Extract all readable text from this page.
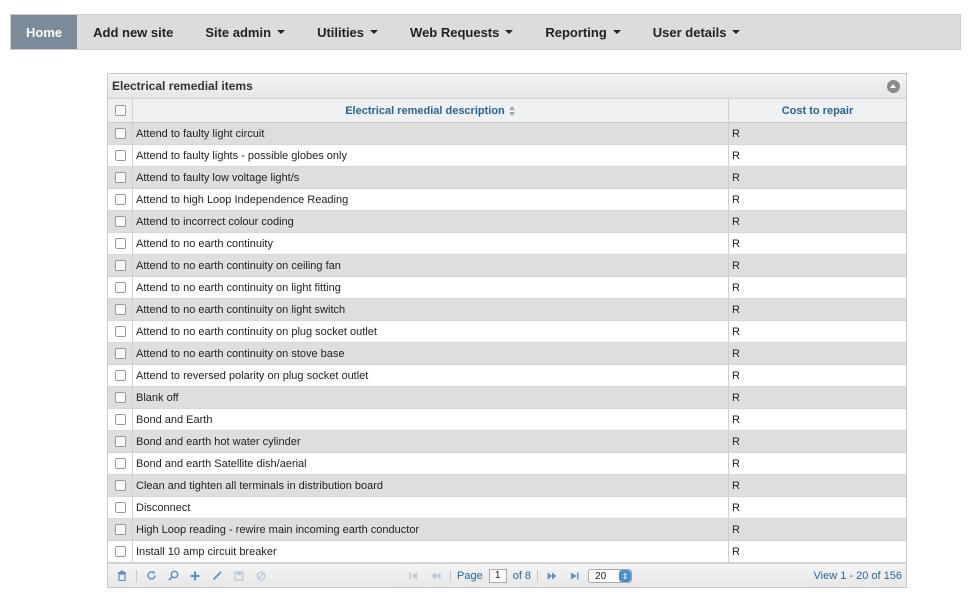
Home Add new site Site admin	Utilities	Web Requests	Reporting	User details
Electrical remedial items
Electrical remedial description	Cost to repair
Attend to faulty light circuit	R
Attend to faulty lights - possible globes only	R
Attend to faulty low voltage light/s	R
Attend to high Loop Independence Reading	R
Attend to incorrect colour coding	R
Attend to no earth continuity	R
Attend to no earth continuity on ceiling fan	R
Attend to no earth continuity on light fitting	R
Attend to no earth continuity on light switch	R
Attend to no earth continuity on plug socket outlet	R
Attend to no earth continuity on stove base	R
Attend to reversed polarity on plug socket outlet	R
Blank off	R
Bond and Earth	R
Bond and earth hot water cylinder	R
Bond and earth Satellite dish/aerial	R
Clean and tighten all terminals in distribution board	R
Disconnect	R
High Loop reading - rewire main incoming earth conductor	R
Install 10 amp circuit breaker	R
Page	1	of 8	20	⇕	View 1 - 20 of 156
